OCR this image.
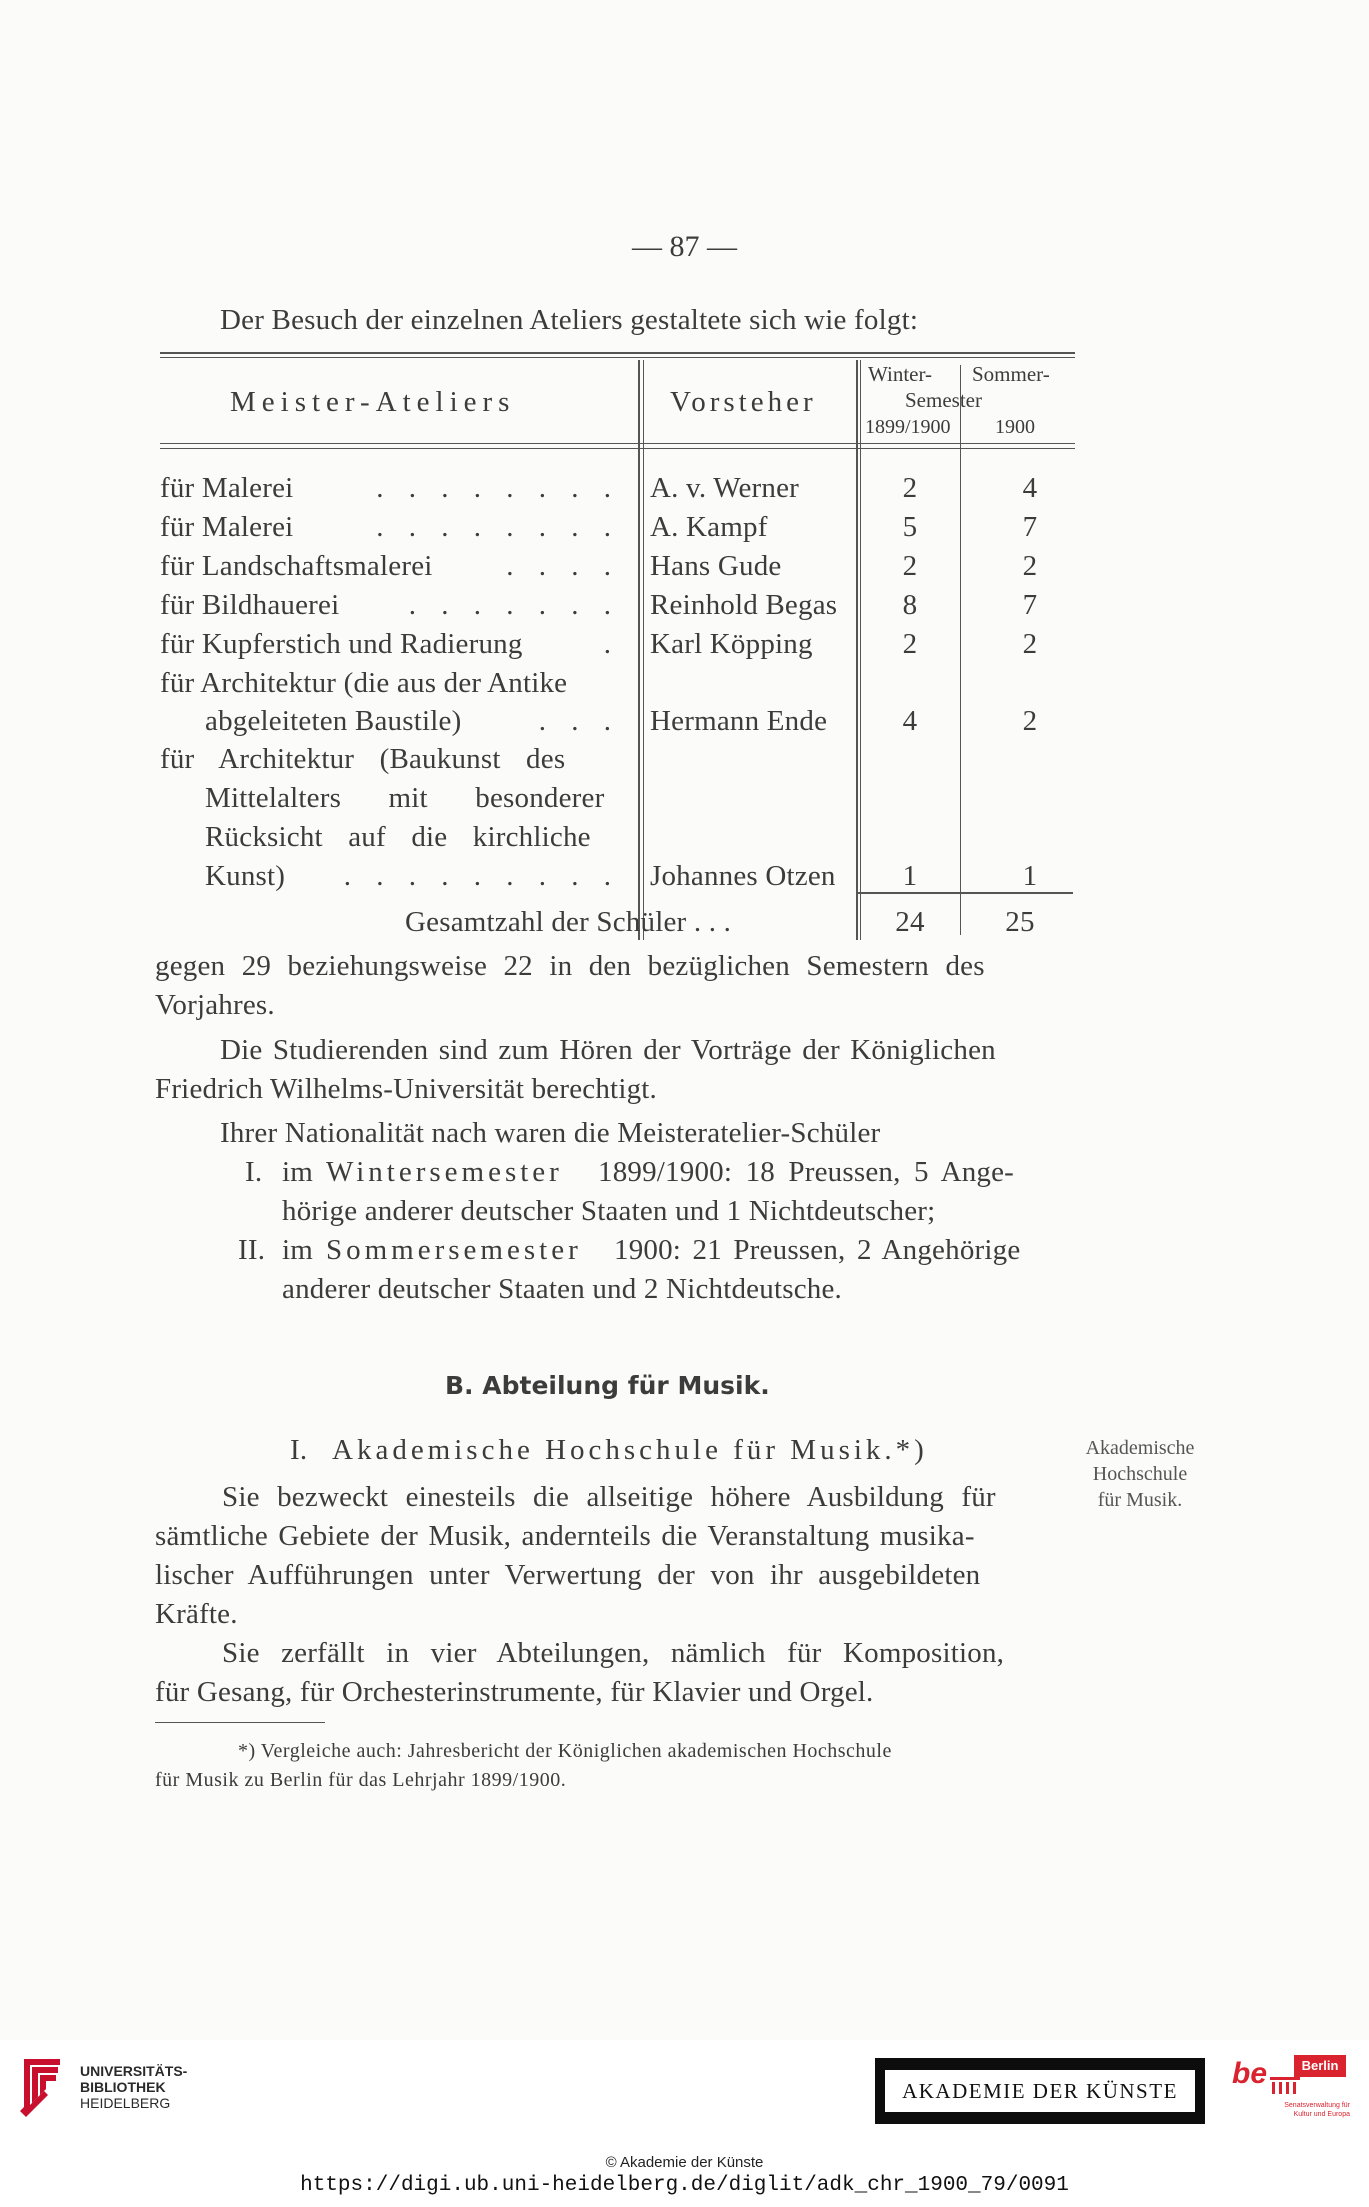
— 87 —
Der Besuch der einzelnen Ateliers gestaltete sich wie folgt:
Meister-Ateliers	Vorsteher
Winter- Sommer-
Semester
1899/1900 1900
für Malerei	. . . . . . . . A. v. Werner	2	4
für Malerei	. . . . . . . . A. Kampf	5	7
für Landschaftsmalerei	. . . . Hans Gude	2	2
für Bildhauerei	. . . . . . . Reinhold Begas	8	7
für Kupferstich und Radierung	. Karl Köpping	2	2
für Architektur (die aus der Antike
abgeleiteten Baustile)	. . . Hermann Ende	4	2
für Architektur (Baukunst des
Mittelalters mit besonderer
Rücksicht auf die kirchliche
Kunst)	. . . . . . . . . Johannes Otzen	1	1
Gesamtzahl der Schüler . . .	24	25
gegen 29 beziehungsweise 22 in den bezüglichen Semestern des
Vorjahres.
Die Studierenden sind zum Hören der Vorträge der Königlichen
Friedrich Wilhelms-Universität berechtigt.
Ihrer Nationalität nach waren die Meisteratelier-Schüler
I. im Wintersemester 1899/1900: 18 Preussen, 5 Ange-
hörige anderer deutscher Staaten und 1 Nichtdeutscher;
II. im Sommersemester 1900: 21 Preussen, 2 Angehörige
anderer deutscher Staaten und 2 Nichtdeutsche.
B. Abteilung für Musik.
I. Akademische Hochschule für Musik.*)	Akademische
Hochschule
für Musik.
Sie bezweckt einesteils die allseitige höhere Ausbildung für
sämtliche Gebiete der Musik, andernteils die Veranstaltung musika-
lischer Aufführungen unter Verwertung der von ihr ausgebildeten
Kräfte.
Sie zerfällt in vier Abteilungen, nämlich für Komposition,
für Gesang, für Orchesterinstrumente, für Klavier und Orgel.
*) Vergleiche auch: Jahresbericht der Königlichen akademischen Hochschule
für Musik zu Berlin für das Lehrjahr 1899/1900.
UNIVERSITÄTS-
BIBLIOTHEK
HEIDELBERG
AKADEMIE DER KÜNSTE
be	Berlin
Senatsverwaltung für Kultur und Europa
© Akademie der Künste
https://digi.ub.uni-heidelberg.de/diglit/adk_chr_1900_79/0091
